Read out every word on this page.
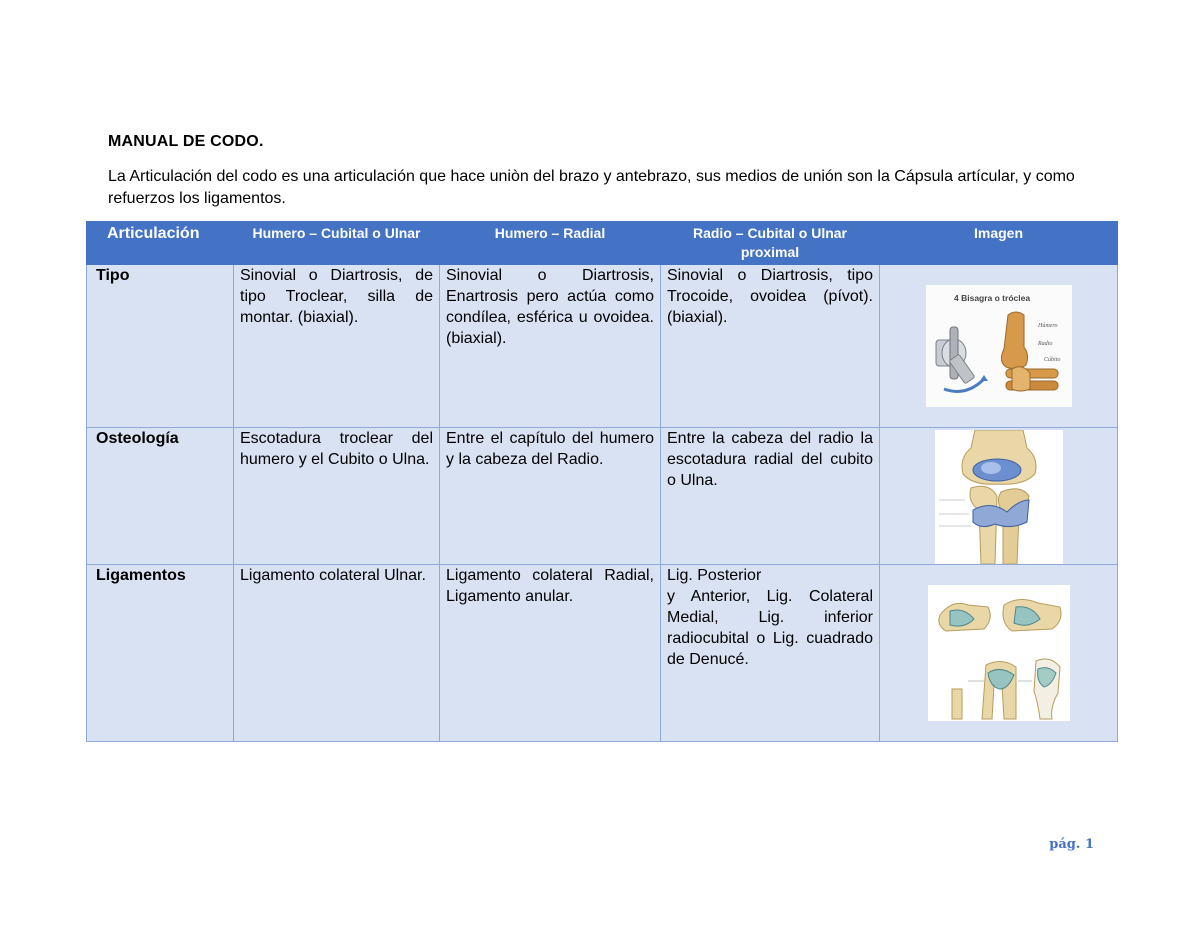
MANUAL DE CODO.
La Articulación del codo es una articulación que hace uniòn del brazo y antebrazo, sus medios de unión son la Cápsula artícular, y como refuerzos los ligamentos.
Articulación	Humero – Cubital o Ulnar	Humero – Radial	Radio – Cubital o Ulnar proximal	Imagen
Tipo	Sinovial o Diartrosis, de tipo Troclear, silla de montar. (biaxial).	Sinovial o Diartrosis, Enartrosis pero actúa como condílea, esférica u ovoidea. (biaxial).	Sinovial o Diartrosis, tipo Trocoide, ovoidea (pívot). (biaxial).	4 Bisagra o tróclea
Húmero
Radio
Cúbito

Osteología	Escotadura troclear del humero y el Cubito o Ulna.	Entre el capítulo del humero y la cabeza del Radio.	Entre la cabeza del radio la escotadura radial del cubito o Ulna.	

Ligamentos	Ligamento colateral Ulnar.	Ligamento colateral Radial, Ligamento anular.	Lig. Posterior
y Anterior, Lig. Colateral Medial, Lig. inferior radiocubital o Lig. cuadrado de Denucé.	
pág. 1
